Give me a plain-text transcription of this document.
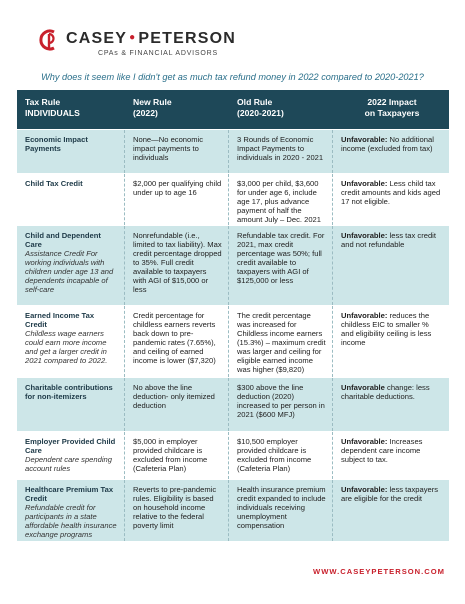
CASEY ● PETERSON
CPAs & FINANCIAL ADVISORS
Why does it seem like I didn't get as much tax refund money in 2022 compared to 2020-2021?
Tax Rule
INDIVIDUALS
New Rule
(2022)
Old Rule
(2020-2021)
2022 Impact
on Taxpayers
Economic Impact Payments
None—No economic impact payments to individuals
3 Rounds of Economic Impact Payments to individuals in 2020 - 2021
Unfavorable: No additional income (excluded from tax)
Child Tax Credit	$2,000 per qualifying child under up to age 16
$3,000 per child, $3,600 for under age 6, include age 17, plus advance payment of half the amount July – Dec. 2021
Unfavorable: Less child tax credit amounts and kids aged 17 not eligible.
Child and Dependent Care
Assistance Credit For working individuals with children under age 13 and dependents incapable of self-care
Nonrefundable (i.e., limited to tax liability). Max credit percentage dropped to 35%. Full credit available to taxpayers with AGI of $15,000 or less
Refundable tax credit. For 2021, max credit percentage was 50%; full credit available to taxpayers with AGI of $125,000 or less
Unfavorable: less tax credit and not refundable
Earned Income Tax Credit
Childless wage earners could earn more income and get a larger credit in 2021 compared to 2022.
Credit percentage for childless earners reverts back down to pre-pandemic rates (7.65%), and ceiling of earned income is lower ($7,320)
The credit percentage was increased for Childless income earners (15.3%) – maximum credit was larger and ceiling for eligible earned income was higher ($9,820)
Unfavorable: reduces the childless EIC to smaller % and eligibility ceiling is less income
Charitable contributions for non-itemizers
No above the line deduction- only itemized deduction
$300 above the line deduction (2020) increased to per person in 2021 ($600 MFJ)
Unfavorable change: less charitable deductions.
Employer Provided Child Care
Dependent care spending account rules
$5,000 in employer provided childcare is excluded from income (Cafeteria Plan)
$10,500 employer provided childcare is excluded from income (Cafeteria Plan)
Unfavorable: Increases dependent care income subject to tax.
Healthcare Premium Tax Credit
Refundable credit for participants in a state affordable health insurance exchange programs
Reverts to pre-pandemic rules. Eligibility is based on household income relative to the federal poverty limit
Health insurance premium credit expanded to include individuals receiving unemployment compensation
Unfavorable: less taxpayers are eligible for the credit
WWW.CASEYPETERSON.COM
